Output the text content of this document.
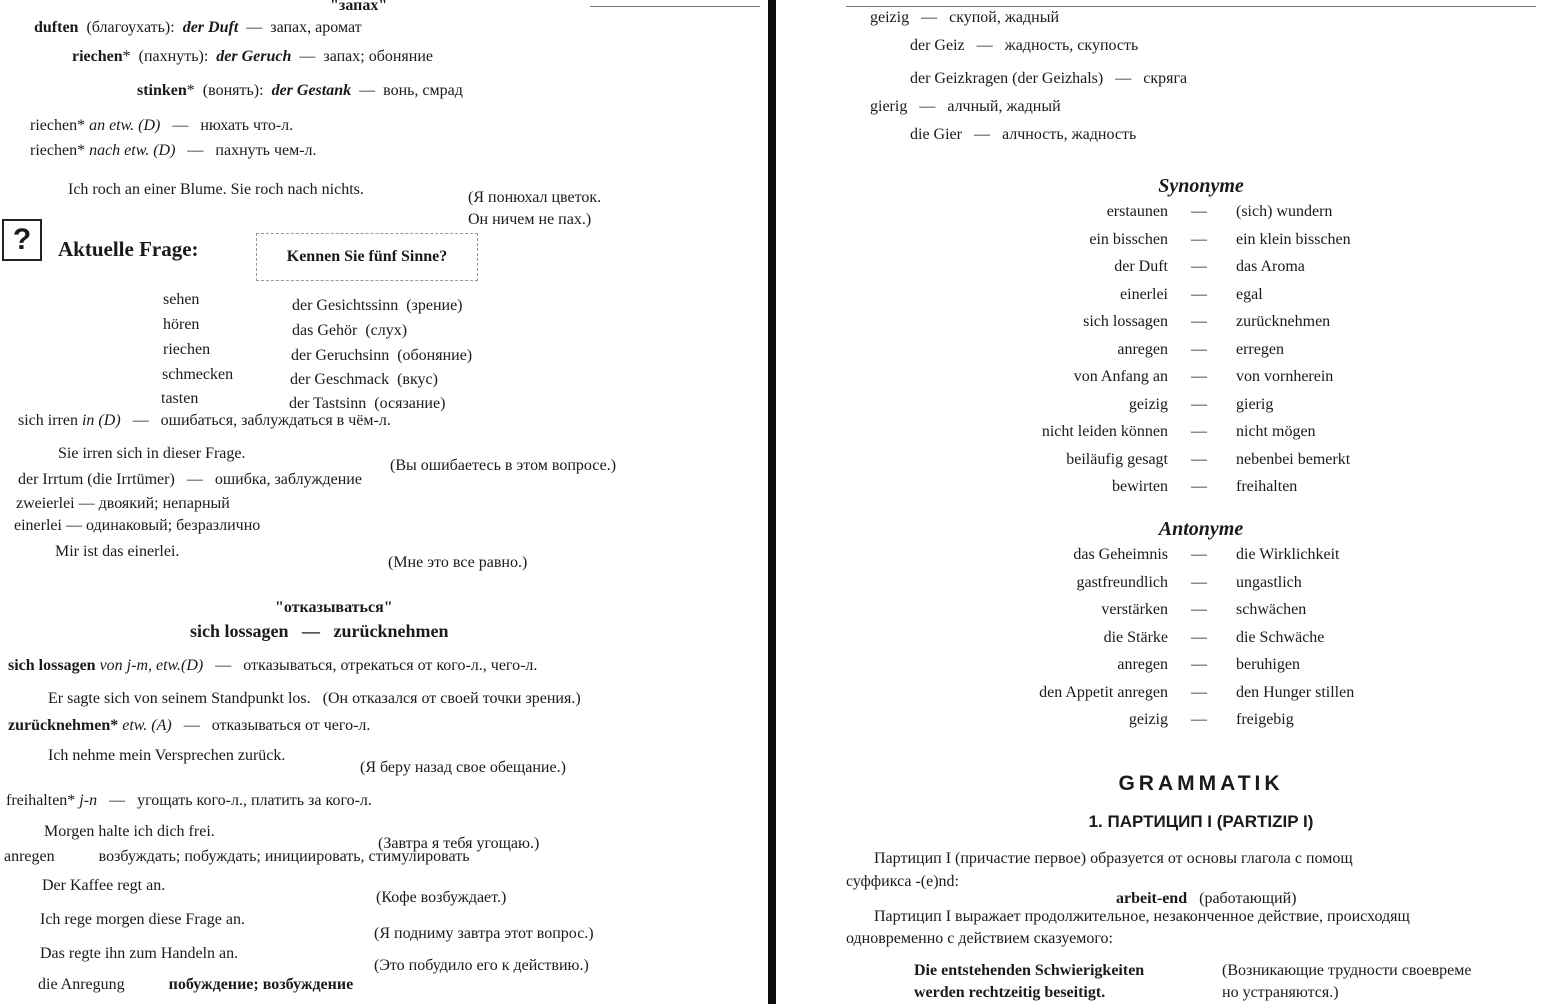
"запах"
duften (благоухать): der Duft — запах, аромат
riechen* (пахнуть): der Geruch — запах; обоняние
stinken* (вонять): der Gestank — вонь, смрад
riechen* an etw. (D) — нюхать что-л.
riechen* nach etw. (D) — пахнуть чем-л.
Ich roch an einer Blume. Sie roch nach nichts.	(Я понюхал цветок.
Он ничем не пах.)
?	Aktuelle Frage:	Kennen Sie fünf Sinne?
sehen	der Gesichtssinn (зрение)
hören	das Gehör (слух)
riechen	der Geruchsinn (обоняние)
schmecken	der Geschmack (вкус)
tasten	der Tastsinn (осязание)
sich irren in (D) — ошибаться, заблуждаться в чём-л.
Sie irren sich in dieser Frage.
(Вы ошибаетесь в этом вопросе.)
der Irrtum (die Irrtümer) — ошибка, заблуждение
zweierlei — двоякий; непарный
einerlei — одинаковый; безразлично
Mir ist das einerlei.
(Мне это все равно.)
"отказываться"
sich lossagen — zurücknehmen
sich lossagen von j-m, etw.(D) — отказываться, отрекаться от кого-л., чего-л.
Er sagte sich von seinem Standpunkt los. (Он отказался от своей точки зрения.)
zurücknehmen* etw. (A) — отказываться от чего-л.
Ich nehme mein Versprechen zurück.
(Я беру назад свое обещание.)
freihalten* j-n — угощать кого-л., платить за кого-л.
Morgen halte ich dich frei.
(Завтра я тебя угощаю.)
anregen	возбуждать; побуждать; инициировать, стимулировать
Der Kaffee regt an.
(Кофе возбуждает.)
Ich rege morgen diese Frage an.
(Я подниму завтра этот вопрос.)
Das regte ihn zum Handeln an.
(Это побудило его к действию.)
die Anregung	побуждение; возбуждение
geizig — скупой, жадный
der Geiz — жадность, скупость
der Geizkragen (der Geizhals) — скряга
gierig — алчный, жадный
die Gier — алчность, жадность
Synonyme
erstaunen	—	(sich) wundern
ein bisschen	—	ein klein bisschen
der Duft	—	das Aroma
einerlei	—	egal
sich lossagen	—	zurücknehmen
anregen	—	erregen
von Anfang an	—	von vornherein
geizig	—	gierig
nicht leiden können	—	nicht mögen
beiläufig gesagt	—	nebenbei bemerkt
bewirten	—	freihalten
Antonyme
das Geheimnis	—	die Wirklichkeit
gastfreundlich	—	ungastlich
verstärken	—	schwächen
die Stärke	—	die Schwäche
anregen	—	beruhigen
den Appetit anregen	—	den Hunger stillen
geizig	—	freigebig
GRAMMATIK
1. ПАРТИЦИП I (PARTIZIP I)
Партицип I (причастие первое) образуется от основы глагола с помощ
суффикса -(e)nd:
arbeit-end (работающий)
Партицип I выражает продолжительное, незаконченное действие, происходящ
одновременно с действием сказуемого:
Die entstehenden Schwierigkeiten
werden rechtzeitig beseitigt.
(Возникающие трудности своевреме
но устраняются.)
